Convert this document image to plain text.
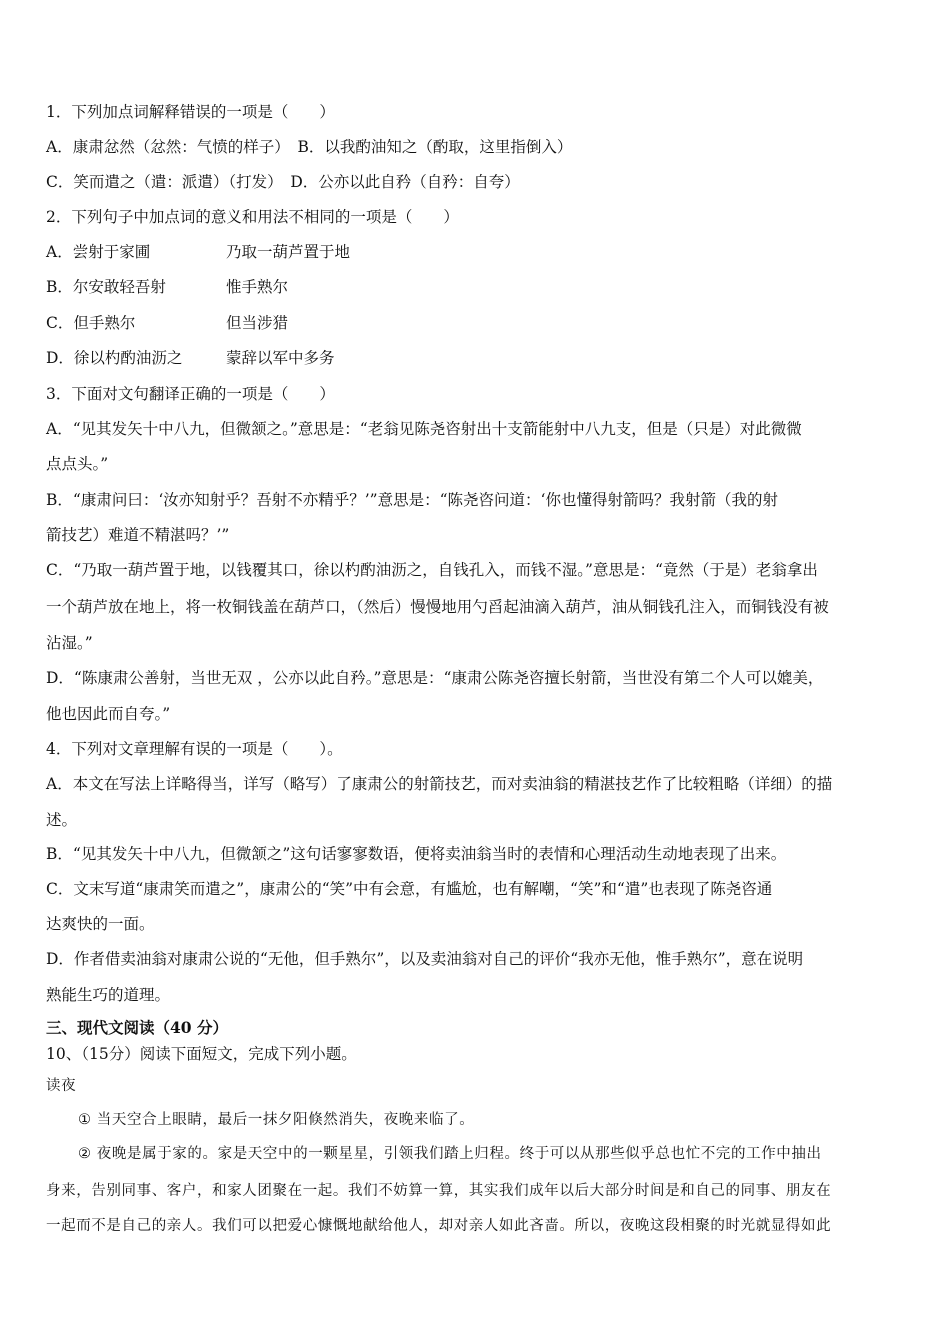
1．下列加点词解释错误的一项是（　　）
A．康肃忿然（忿然：气愤的样子）　B．以我酌油知之（酌取，这里指倒入）
C．笑而遣之（遣：派遣）（打发）　D．公亦以此自矜（自矜：自夸）
2．下列句子中加点词的意义和用法不相同的一项是（　　）
A．尝射于家圃	乃取一葫芦置于地
B．尔安敢轻吾射	惟手熟尔
C．但手熟尔	但当涉猎
D．徐以杓酌油沥之	蒙辞以军中多务
3．下面对文句翻译正确的一项是（　　）
A．“见其发矢十中八九，但微颔之。”意思是：“老翁见陈尧咨射出十支箭能射中八九支，但是（只是）对此微微
点点头。”
B．“康肃问曰：‘汝亦知射乎？吾射不亦精乎？’”意思是：“陈尧咨问道：‘你也懂得射箭吗？我射箭（我的射
箭技艺）难道不精湛吗？’”
C．“乃取一葫芦置于地，以钱覆其口，徐以杓酌油沥之，自钱孔入，而钱不湿。”意思是：“竟然（于是）老翁拿出
一个葫芦放在地上，将一枚铜钱盖在葫芦口，（然后）慢慢地用勺舀起油滴入葫芦，油从铜钱孔注入，而铜钱没有被
沾湿。”
D．“陈康肃公善射，当世无双 ，公亦以此自矜。”意思是：“康肃公陈尧咨擅长射箭，当世没有第二个人可以媲美，
他也因此而自夸。”
4．下列对文章理解有误的一项是（　　）。
A．本文在写法上详略得当，详写（略写）了康肃公的射箭技艺，而对卖油翁的精湛技艺作了比较粗略（详细）的描
述。
B．“见其发矢十中八九，但微颔之”这句话寥寥数语，便将卖油翁当时的表情和心理活动生动地表现了出来。
C．文末写道“康肃笑而遣之”，康肃公的“笑”中有会意，有尴尬，也有解嘲，“笑”和“遣”也表现了陈尧咨通
达爽快的一面。
D．作者借卖油翁对康肃公说的“无他，但手熟尔”，以及卖油翁对自己的评价“我亦无他，惟手熟尔”，意在说明
熟能生巧的道理。
三、现代文阅读（40 分）
10、（15分）阅读下面短文，完成下列小题。
读夜
① 当天空合上眼睛，最后一抹夕阳倏然消失，夜晚来临了。
② 夜晚是属于家的。家是天空中的一颗星星，引领我们踏上归程。终于可以从那些似乎总也忙不完的工作中抽出
身来，告别同事、客户，和家人团聚在一起。我们不妨算一算，其实我们成年以后大部分时间是和自己的同事、朋友在
一起而不是自己的亲人。我们可以把爱心慷慨地献给他人，却对亲人如此吝啬。所以，夜晚这段相聚的时光就显得如此
